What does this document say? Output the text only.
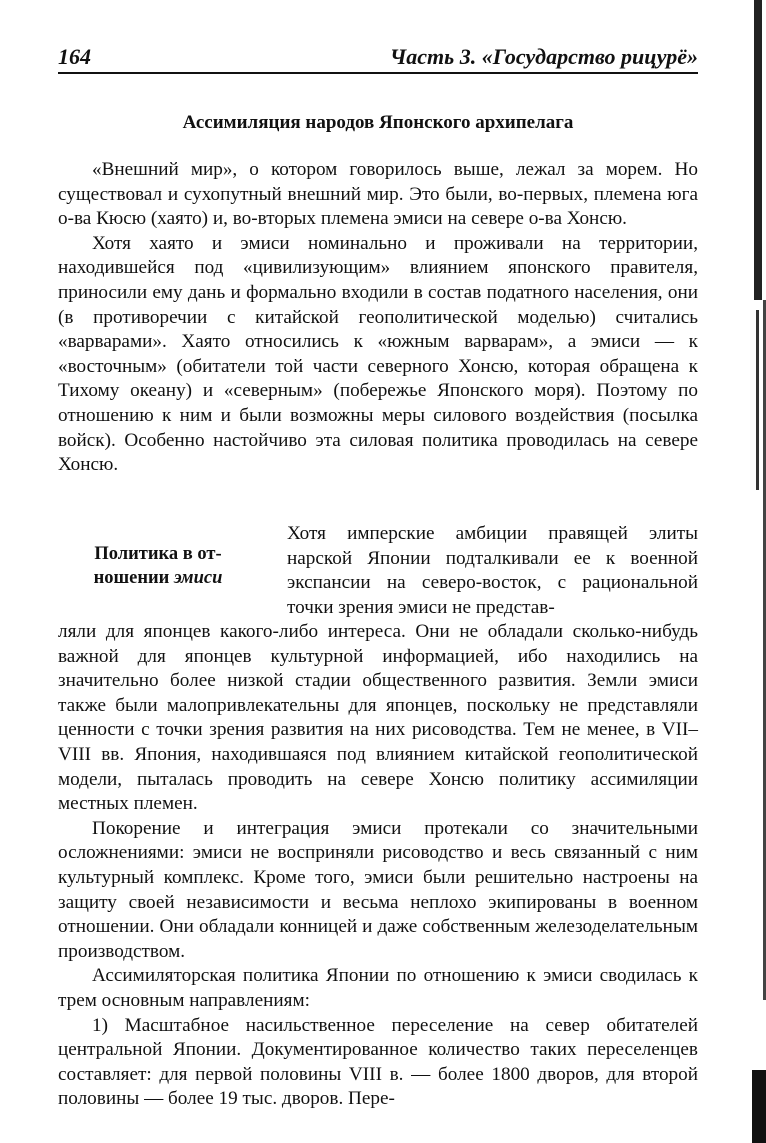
164	Часть 3. «Государство рицурё»
Ассимиляция народов Японского архипелага

«Внешний мир», о котором говорилось выше, лежал за морем. Но существовал и сухопутный внешний мир. Это были, во-первых, племена юга о-ва Кюсю (хаято) и, во-вторых племена эмиси на севере о-ва Хонсю.

Хотя хаято и эмиси номинально и проживали на территории, находившейся под «цивилизующим» влиянием японского правителя, приносили ему дань и формально входили в состав податного населения, они (в противоречии с китайской геополитической моделью) считались «варварами». Хаято относились к «южным варварам», а эмиси — к «восточным» (обитатели той части северного Хонсю, которая обращена к Тихому океану) и «северным» (побережье Японского моря). Поэтому по отношению к ним и были возможны меры силового воздействия (посылка войск). Особенно настойчиво эта силовая политика проводилась на севере Хонсю.

Политика в от-
ношении эмиси

Хотя имперские амбиции правящей элиты нарской Японии подталкивали ее к военной экспансии на северо-восток, с рациональной точки зрения эмиси не представ-

ляли для японцев какого-либо интереса. Они не обладали сколько-нибудь важной для японцев культурной информацией, ибо находились на значительно более низкой стадии общественного развития. Земли эмиси также были малопривлекательны для японцев, поскольку не представляли ценности с точки зрения развития на них рисоводства. Тем не менее, в VII–VIII вв. Япония, находившаяся под влиянием китайской геополитической модели, пыталась проводить на севере Хонсю политику ассимиляции местных племен.

Покорение и интеграция эмиси протекали со значительными осложнениями: эмиси не восприняли рисоводство и весь связанный с ним культурный комплекс. Кроме того, эмиси были решительно настроены на защиту своей независимости и весьма неплохо экипированы в военном отношении. Они обладали конницей и даже собственным железоделательным производством.

Ассимиляторская политика Японии по отношению к эмиси сводилась к трем основным направлениям:

1) Масштабное насильственное переселение на север обитателей центральной Японии. Документированное количество таких переселенцев составляет: для первой половины VIII в. — более 1800 дворов, для второй половины — более 19 тыс. дворов. Пере-
